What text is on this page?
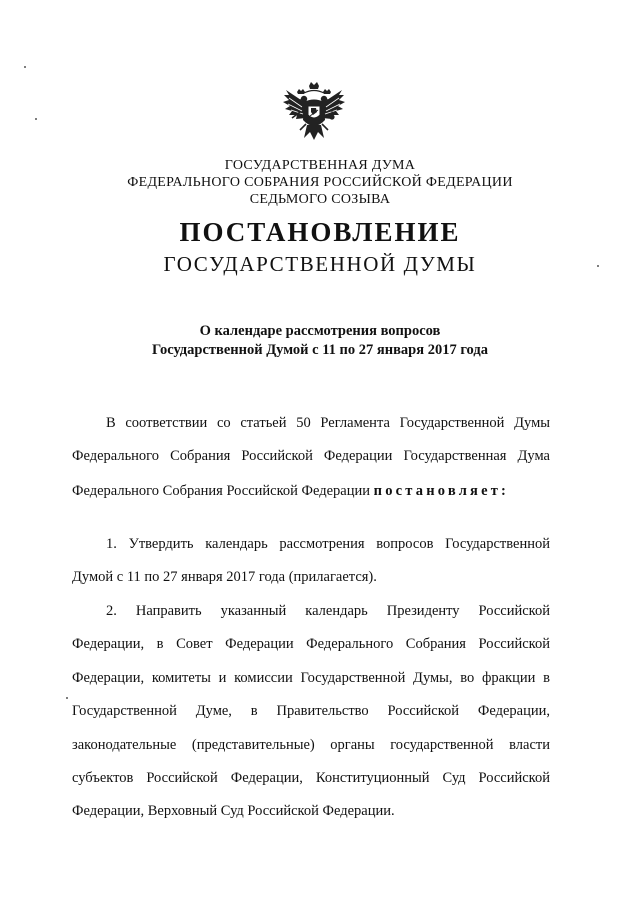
ГОСУДАРСТВЕННАЯ ДУМА
ФЕДЕРАЛЬНОГО СОБРАНИЯ РОССИЙСКОЙ ФЕДЕРАЦИИ
СЕДЬМОГО СОЗЫВА
ПОСТАНОВЛЕНИЕ
ГОСУДАРСТВЕННОЙ ДУМЫ
О календаре рассмотрения вопросов
Государственной Думой с 11 по 27 января 2017 года
В соответствии со статьей 50 Регламента Государственной Думы
Федерального Собрания Российской Федерации Государственная Дума
Федерального Собрания Российской Федерации постановляет:
1. Утвердить календарь рассмотрения вопросов Государственной
Думой с 11 по 27 января 2017 года (прилагается).
2. Направить указанный календарь Президенту Российской
Федерации, в Совет Федерации Федерального Собрания Российской
Федерации, комитеты и комиссии Государственной Думы, во фракции в
Государственной Думе, в Правительство Российской Федерации,
законодательные (представительные) органы государственной власти
субъектов Российской Федерации, Конституционный Суд Российской
Федерации, Верховный Суд Российской Федерации.
